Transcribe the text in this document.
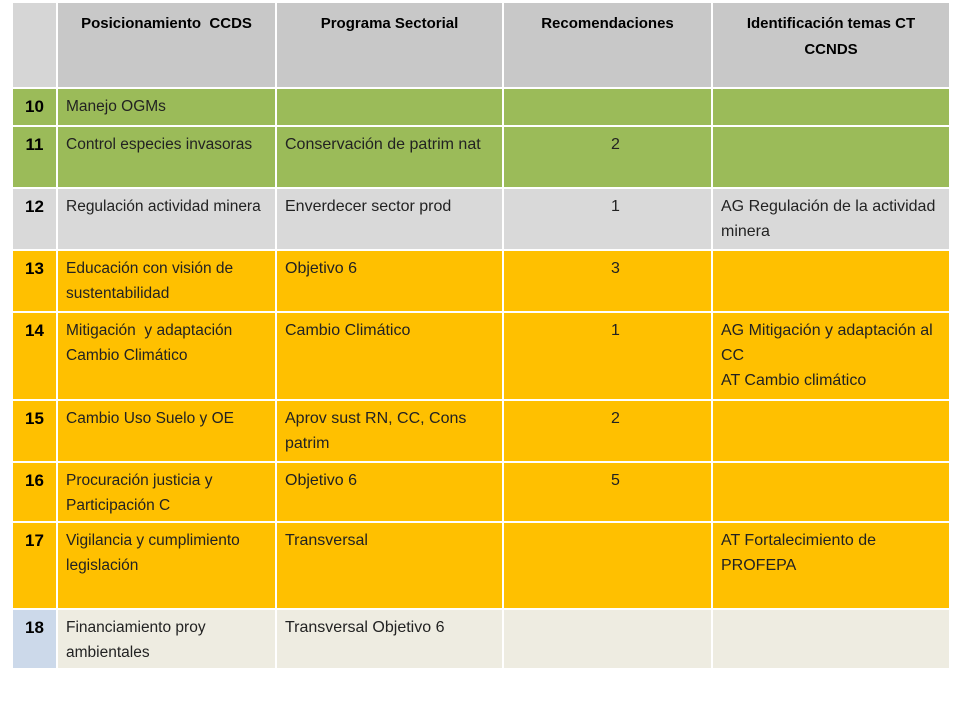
	Posicionamiento  CCDS	Programa Sectorial	Recomendaciones	Identificación temas CT CCNDS
10	Manejo OGMs			
11	Control especies invasoras	Conservación de patrim nat	2	
12	Regulación actividad minera	Enverdecer sector prod	1	AG Regulación de la actividad minera
13	Educación con visión de sustentabilidad	Objetivo 6	3	
14	Mitigación  y adaptación Cambio Climático	Cambio Climático	1	AG Mitigación y adaptación al CC
AT Cambio climático

15	Cambio Uso Suelo y OE	Aprov sust RN, CC, Cons patrim	2	
16	Procuración justicia y Participación C	Objetivo 6	5	
17	Vigilancia y cumplimiento legislación	Transversal		AT Fortalecimiento de PROFEPA
18	Financiamiento proy ambientales	Transversal Objetivo 6		
